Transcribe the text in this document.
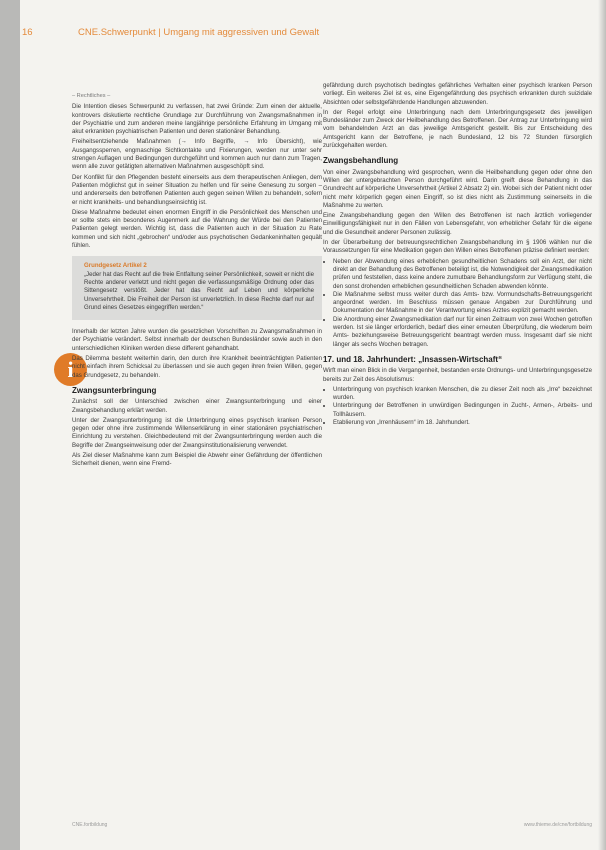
16	CNE.Schwerpunkt | Umgang mit aggressiven und Gewalt
i

– Rechtliches –

Die Intention dieses Schwerpunkt zu verfassen, hat zwei Gründe: Zum einen der aktuelle, kontrovers diskutierte rechtliche Grundlage zur Durchführung von Zwangsmaßnahmen in der Psychiatrie und zum anderen meine langjährige persönliche Erfahrung im Umgang mit akut erkrankten psychiatrischen Patienten und deren stationärer Behandlung.

Freiheitsentziehende Maßnahmen (→ Info Begriffe, → Info Übersicht), wie Ausgangssperren, engmaschige Sichtkontakte und Fixierungen, werden nur unter sehr strengen Auflagen und Bedingungen durchgeführt und kommen auch nur dann zum Tragen, wenn alle zuvor getätigten alternativen Maßnahmen ausgeschöpft sind.

Der Konflikt für den Pflegenden besteht einerseits aus dem therapeutischen Anliegen, dem Patienten möglichst gut in seiner Situation zu helfen und für seine Genesung zu sorgen – und andererseits den betroffenen Patienten auch gegen seinen Willen zu behandeln, sofern er nicht krankheits- und behandlungseinsichtig ist.

Diese Maßnahme bedeutet einen enormen Eingriff in die Persönlichkeit des Menschen und er sollte stets ein besonderes Augenmerk auf die Wahrung der Würde bei den Patienten Patienten gelegt werden. Wichtig ist, dass die Patienten auch in der Situation zu Rate kommen und sich nicht „gebrochen“ und/oder aus psychotischen Gedankeninhalten gequält fühlen.

Grundgesetz Artikel 2
„Jeder hat das Recht auf die freie Entfaltung seiner Persönlichkeit, soweit er nicht die Rechte anderer verletzt und nicht gegen die verfassungsmäßige Ordnung oder das Sittengesetz verstößt. Jeder hat das Recht auf Leben und körperliche Unversehrtheit. Die Freiheit der Person ist unverletzlich. In diese Rechte darf nur auf Grund eines Gesetzes eingegriffen werden.“

Innerhalb der letzten Jahre wurden die gesetzlichen Vorschriften zu Zwangsmaßnahmen in der Psychiatrie verändert. Selbst innerhalb der deutschen Bundesländer sowie auch in den unterschiedlichen Kliniken werden diese different gehandhabt.

Das Dilemma besteht weiterhin darin, den durch ihre Krankheit beeinträchtigten Patienten nicht einfach ihrem Schicksal zu überlassen und sie auch gegen ihren freien Willen, gegen das Grundgesetz, zu behandeln.

Zwangsunterbringung

Zunächst soll der Unterschied zwischen einer Zwangsunterbringung und einer Zwangsbehandlung erklärt werden.

Unter der Zwangsunterbringung ist die Unterbringung eines psychisch kranken Person gegen oder ohne ihre zustimmende Willenserklärung in einer stationären psychiatrischen Einrichtung zu verstehen. Gleichbedeutend mit der Zwangsunterbringung werden auch die Begriffe der Zwangseinweisung oder der Zwangsinstitutionalisierung verwendet.

Als Ziel dieser Maßnahme kann zum Beispiel die Abwehr einer Gefährdung der öffentlichen Sicherheit dienen, wenn eine Fremd-

gefährdung durch psychotisch bedingtes gefährliches Verhalten einer psychisch kranken Person vorliegt. Ein weiteres Ziel ist es, eine Eigengefährdung des psychisch erkrankten durch suizidale Absichten oder selbstgefährdende Handlungen abzuwenden.

In der Regel erfolgt eine Unterbringung nach dem Unterbringungsgesetz des jeweiligen Bundesländer zum Zweck der Heilbehandlung des Betroffenen. Der Antrag zur Unterbringung wird vom behandelnden Arzt an das jeweilige Amtsgericht gestellt. Bis zur Entscheidung des Amtsgericht kann der Betroffene, je nach Bundesland, 12 bis 72 Stunden fürsorglich zurückgehalten werden.

Zwangsbehandlung

Von einer Zwangsbehandlung wird gesprochen, wenn die Heilbehandlung gegen oder ohne den Willen der untergebrachten Person durchgeführt wird. Darin greift diese Behandlung in das Grundrecht auf körperliche Unversehrtheit (Artikel 2 Absatz 2) ein. Wobei sich der Patient nicht oder nicht mehr körperlich gegen einen Eingriff, so ist dies nicht als Zustimmung seinerseits in die Maßnahme zu werten.

Eine Zwangsbehandlung gegen den Willen des Betroffenen ist nach ärztlich vorliegender Einwilligungsfähigkeit nur in den Fällen von Lebensgefahr, von erheblicher Gefahr für die eigene und die Gesundheit anderer Personen zulässig.

In der Überarbeitung der betreuungsrechtlichen Zwangsbehandlung im § 1906 wählen nur die Voraussetzungen für eine Medikation gegen den Willen eines Betroffenen präzise definiert werden:

• Neben der Abwendung eines erheblichen gesundheitlichen Schadens soll ein Arzt, der nicht direkt an der Behandlung des Betroffenen beteiligt ist, die Notwendigkeit der Zwangsmedikation prüfen und feststellen, dass keine andere zumutbare Behandlungsform zur Verfügung steht, die den sonst drohenden erheblichen gesundheitlichen Schaden abwenden könnte.
• Die Maßnahme selbst muss weiter durch das Amts- bzw. Vormundschafts-Betreuungsgericht angeordnet werden. Im Beschluss müssen genaue Angaben zur Durchführung und Dokumentation der Maßnahme in der Verantwortung eines Arztes explizit gemacht werden.
• Die Anordnung einer Zwangsmedikation darf nur für einen Zeitraum von zwei Wochen getroffen werden. Ist sie länger erforderlich, bedarf dies einer erneuten Überprüfung, die wiederum beim Amts- beziehungsweise Betreuungsgericht beantragt werden muss. Insgesamt darf sie nicht länger als sechs Wochen betragen.
17. und 18. Jahrhundert: „Insassen-Wirtschaft“

Wirft man einen Blick in die Vergangenheit, bestanden erste Ordnungs- und Unterbringungsgesetze bereits zur Zeit des Absolutismus:

• Unterbringung von psychisch kranken Menschen, die zu dieser Zeit noch als „Irre“ bezeichnet wurden.
• Unterbringung der Betroffenen in unwürdigen Bedingungen in Zucht-, Armen-, Arbeits- und Tollhäusern.
• Etablierung von „Irrenhäusern“ im 18. Jahrhundert.
CNE.fortbildung	www.thieme.de/cne/fortbildung
